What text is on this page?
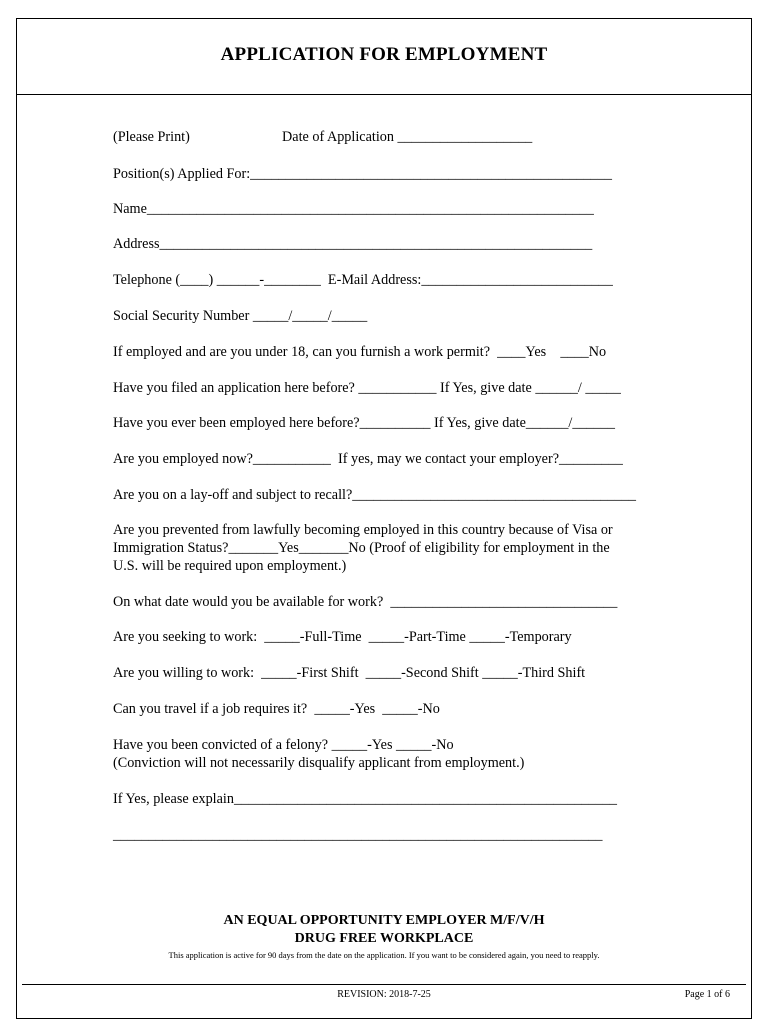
APPLICATION FOR EMPLOYMENT
(Please Print)                          Date of Application ___________________
Position(s) Applied For:___________________________________________________
Name_______________________________________________________________
Address_____________________________________________________________
Telephone (____) ______-________  E-Mail Address:___________________________
Social Security Number _____/_____/_____
If employed and are you under 18, can you furnish a work permit?  ____Yes    ____No
Have you filed an application here before? ___________ If Yes, give date ______/ _____
Have you ever been employed here before?__________ If Yes, give date______/______
Are you employed now?___________  If yes, may we contact your employer?_________
Are you on a lay-off and subject to recall?________________________________________
Are you prevented from lawfully becoming employed in this country because of Visa or
Immigration Status?_______Yes_______No (Proof of eligibility for employment in the
U.S. will be required upon employment.)
On what date would you be available for work?  ________________________________
Are you seeking to work:  _____-Full-Time  _____-Part-Time _____-Temporary
Are you willing to work:  _____-First Shift  _____-Second Shift _____-Third Shift
Can you travel if a job requires it?  _____-Yes  _____-No
Have you been convicted of a felony? _____-Yes _____-No
(Conviction will not necessarily disqualify applicant from employment.)
If Yes, please explain______________________________________________________
_____________________________________________________________________
AN EQUAL OPPORTUNITY EMPLOYER M/F/V/H
DRUG FREE WORKPLACE
This application is active for 90 days from the date on the application. If you want to be considered again, you need to reapply.
REVISION: 2018-7-25	Page 1 of 6
